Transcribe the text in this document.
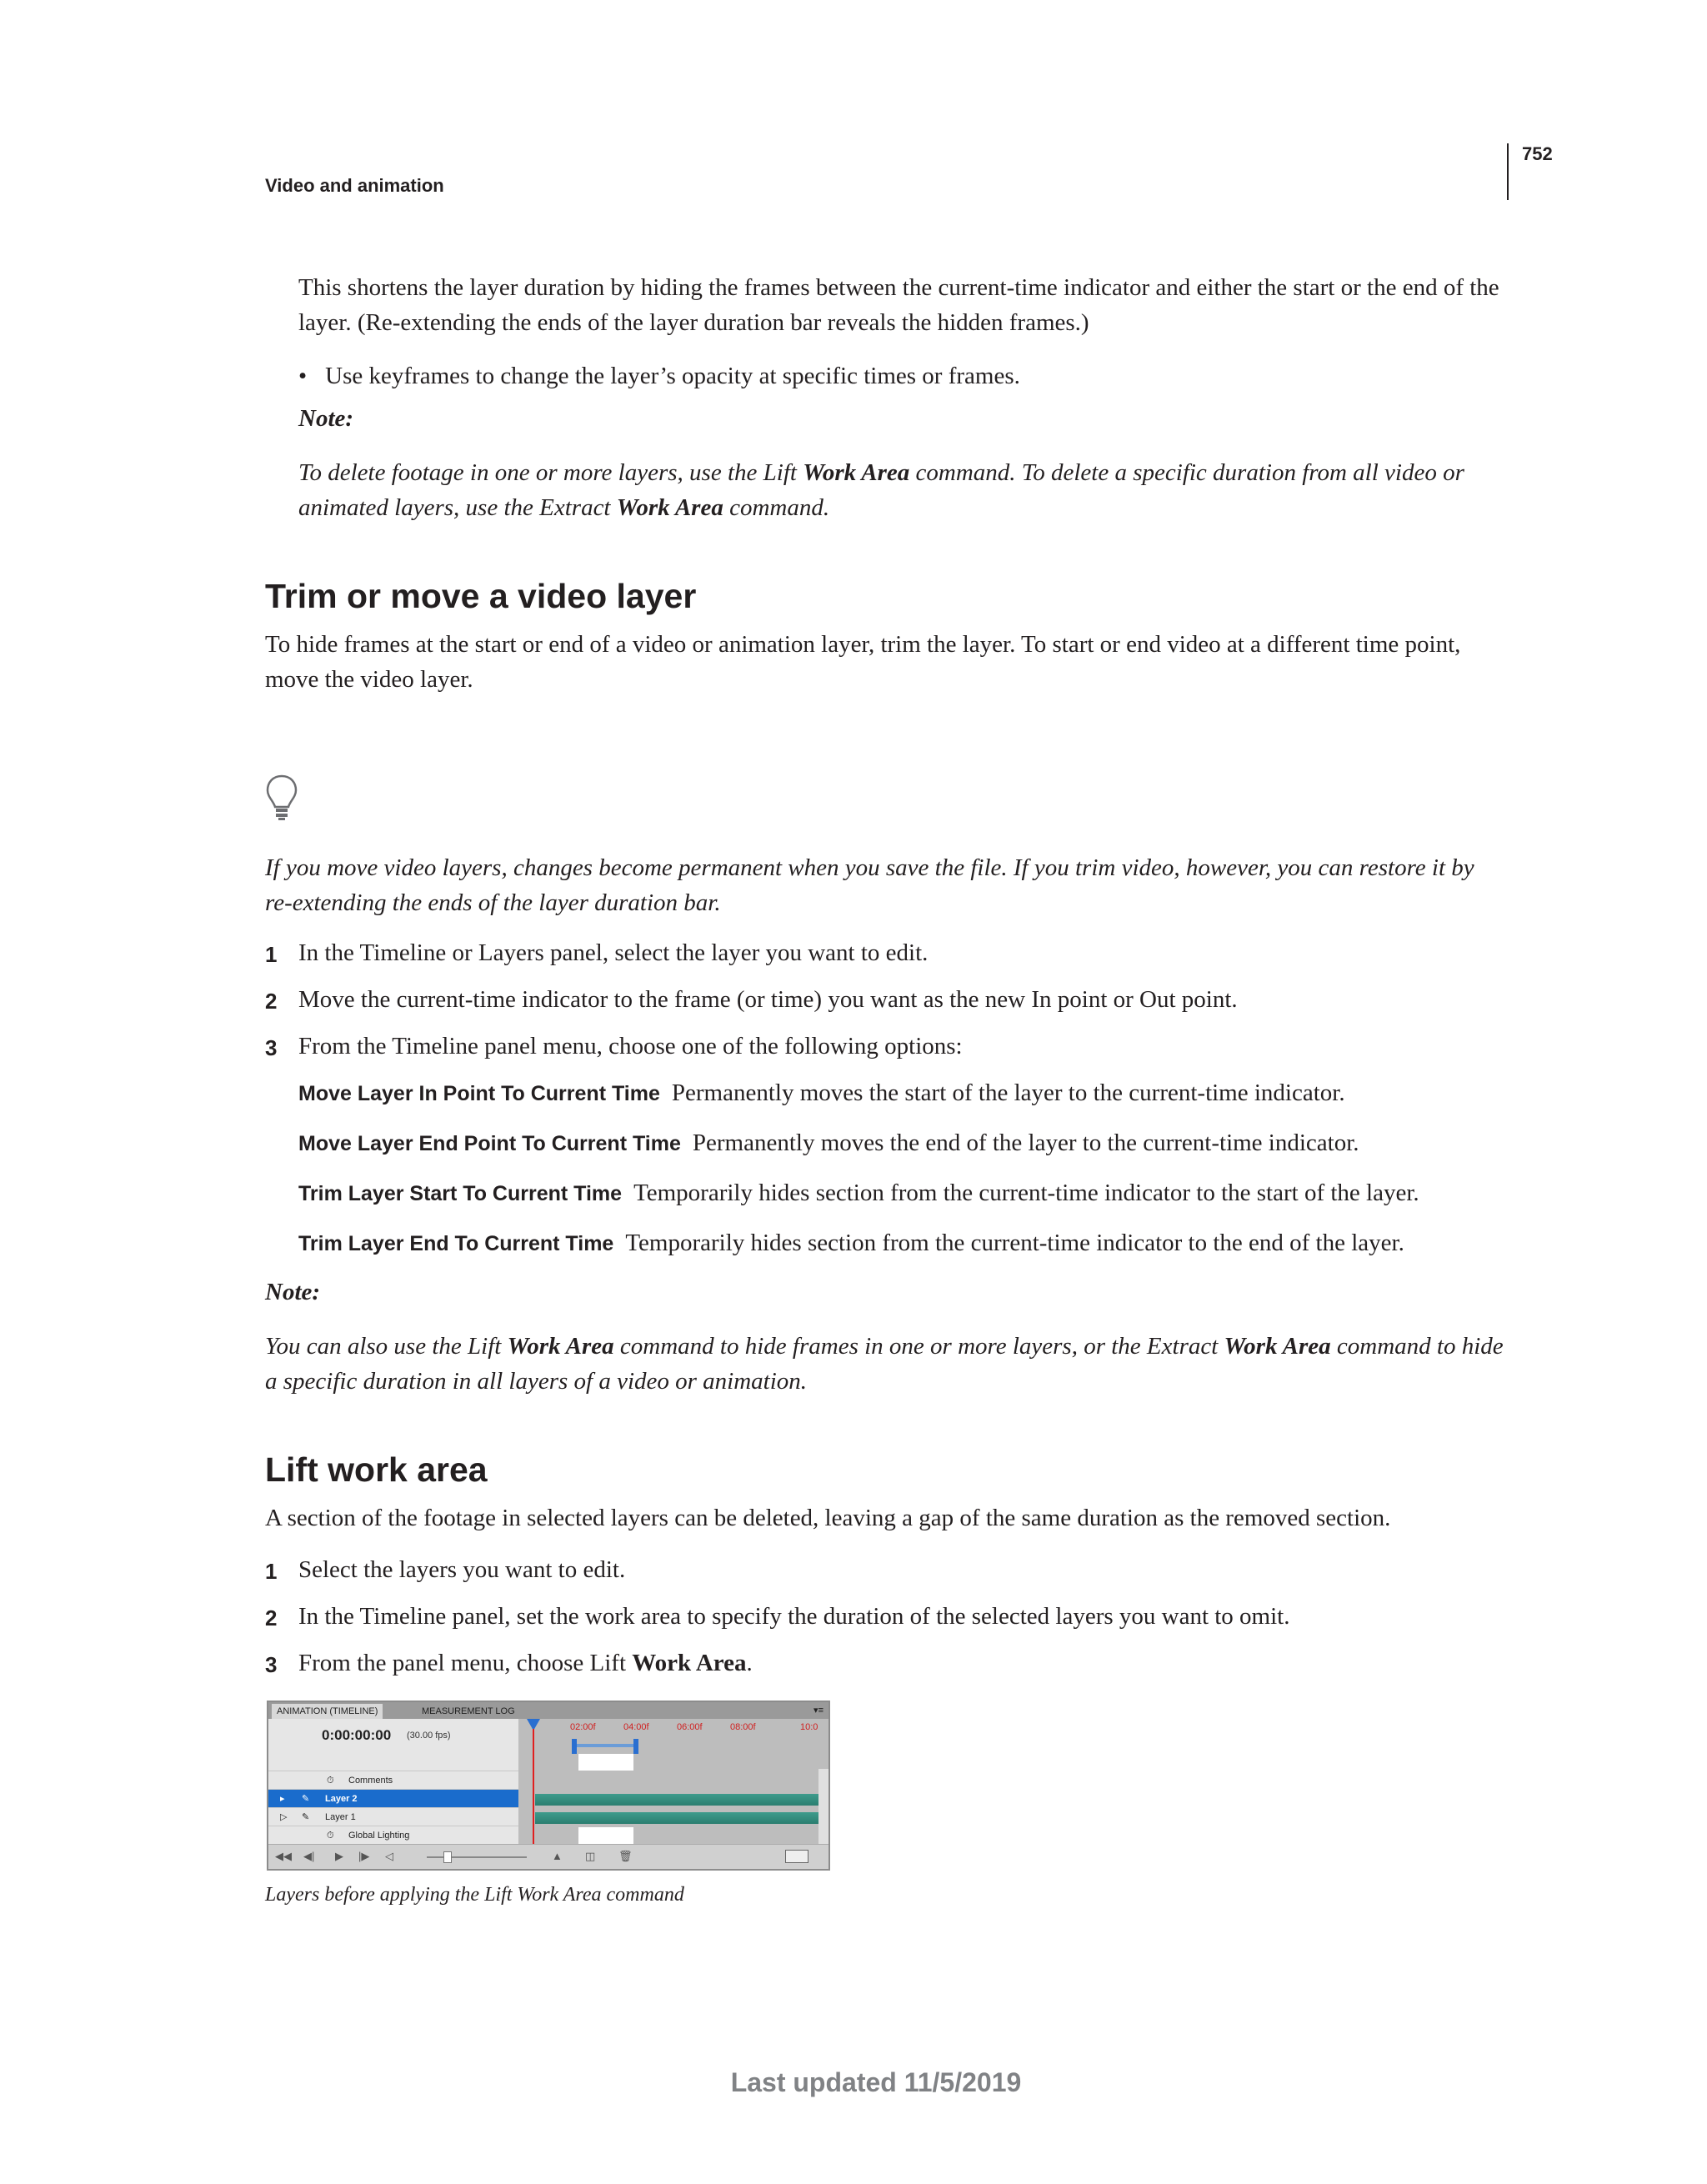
752
Video and animation
This shortens the layer duration by hiding the frames between the current-time indicator and either the start or the end of the layer. (Re-extending the ends of the layer duration bar reveals the hidden frames.)
• Use keyframes to change the layer’s opacity at specific times or frames.
Note:
To delete footage in one or more layers, use the Lift Work Area command. To delete a specific duration from all video or animated layers, use the Extract Work Area command.
Trim or move a video layer
To hide frames at the start or end of a video or animation layer, trim the layer. To start or end video at a different time point, move the video layer.
If you move video layers, changes become permanent when you save the file. If you trim video, however, you can restore it by re-extending the ends of the layer duration bar.
1 In the Timeline or Layers panel, select the layer you want to edit.
2 Move the current-time indicator to the frame (or time) you want as the new In point or Out point.
3 From the Timeline panel menu, choose one of the following options:
Move Layer In Point To Current Time Permanently moves the start of the layer to the current-time indicator.
Move Layer End Point To Current Time Permanently moves the end of the layer to the current-time indicator.
Trim Layer Start To Current Time Temporarily hides section from the current-time indicator to the start of the layer.
Trim Layer End To Current Time Temporarily hides section from the current-time indicator to the end of the layer.
Note:
You can also use the Lift Work Area command to hide frames in one or more layers, or the Extract Work Area command to hide a specific duration in all layers of a video or animation.
Lift work area
A section of the footage in selected layers can be deleted, leaving a gap of the same duration as the removed section.
1 Select the layers you want to edit.
2 In the Timeline panel, set the work area to specify the duration of the selected layers you want to omit.
3 From the panel menu, choose Lift Work Area.
ANIMATION (TIMELINE)	MEASUREMENT LOG	▾≡
0:00:00:00 (30.00 fps)
⏱ Comments
▸ ✎ Layer 2
▷ ✎ Layer 1
⏱ Global Lighting
02:00f	04:00f	06:00f	08:00f	10:0
◀◀ ◀| ▶ |▶ ◁	▲ ◫ 🗑
Layers before applying the Lift Work Area command
Last updated 11/5/2019
